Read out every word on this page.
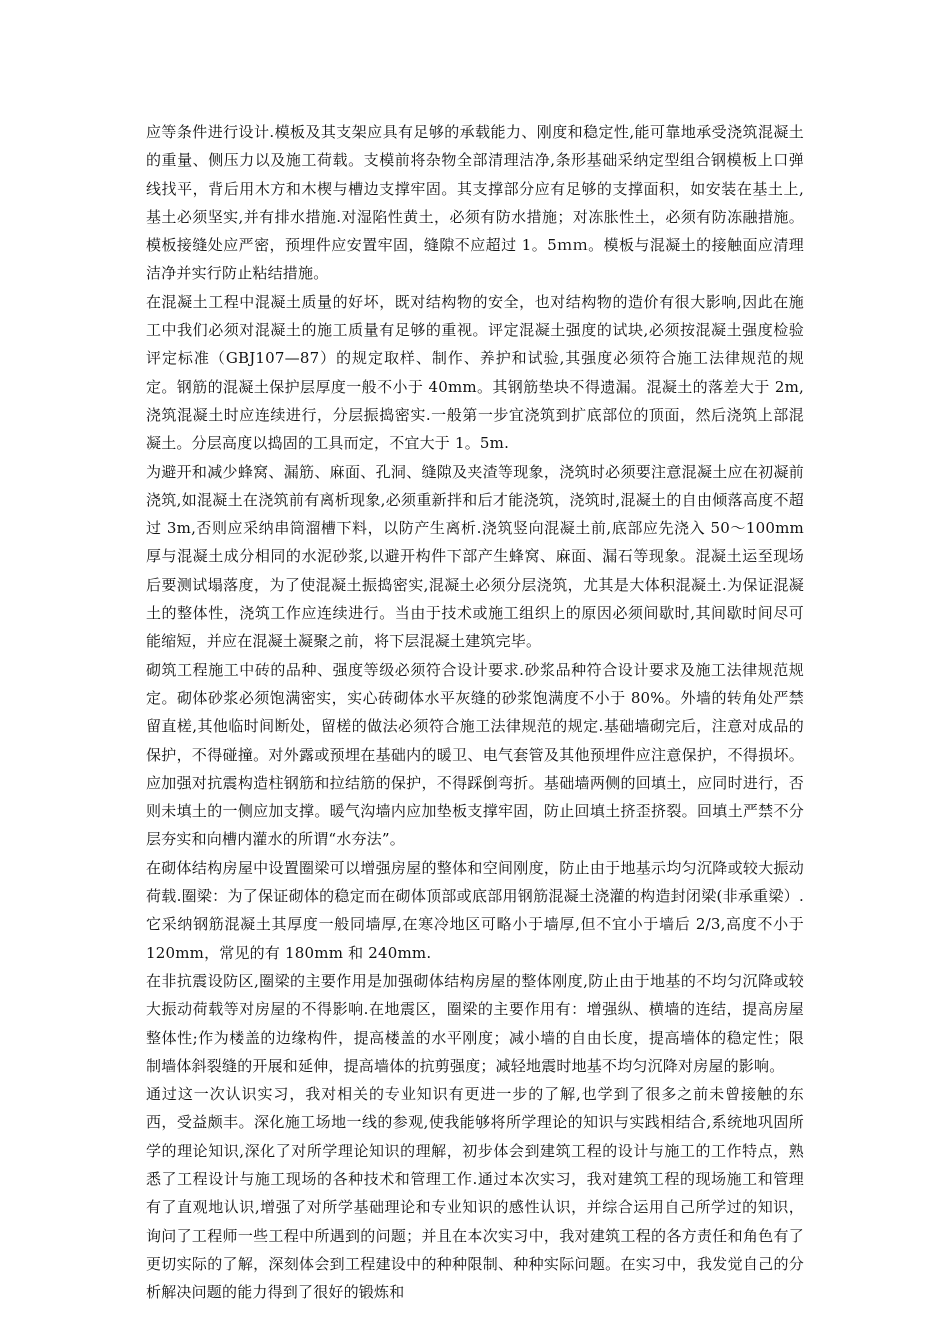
应等条件进行设计.模板及其支架应具有足够的承载能力、刚度和稳定性,能可靠地承受浇筑混凝土的重量、侧压力以及施工荷载。支模前将杂物全部清理洁净,条形基础采纳定型组合钢模板上口弹线找平，背后用木方和木楔与槽边支撑牢固。其支撑部分应有足够的支撑面积，如安装在基土上,基土必须坚实,并有排水措施.对湿陷性黄土，必须有防水措施；对冻胀性土，必须有防冻融措施。模板接缝处应严密，预埋件应安置牢固，缝隙不应超过 1。5ｍｍ。模板与混凝土的接触面应清理洁净并实行防止粘结措施。

在混凝土工程中混凝土质量的好坏，既对结构物的安全，也对结构物的造价有很大影响,因此在施工中我们必须对混凝土的施工质量有足够的重视。评定混凝土强度的试块,必须按混凝土强度检验评定标准（GBJ107—87）的规定取样、制作、养护和试验,其强度必须符合施工法律规范的规定。钢筋的混凝土保护层厚度一般不小于 40mm。其钢筋垫块不得遗漏。混凝土的落差大于 2m,浇筑混凝土时应连续进行，分层振捣密实.一般第一步宜浇筑到扩底部位的顶面，然后浇筑上部混凝土。分层高度以捣固的工具而定，不宜大于 1。5m.

为避开和减少蜂窝、漏筋、麻面、孔洞、缝隙及夹渣等现象，浇筑时必须要注意混凝土应在初凝前浇筑,如混凝土在浇筑前有离析现象,必须重新拌和后才能浇筑，浇筑时,混凝土的自由倾落高度不超过 3m,否则应采纳串筒溜槽下料，以防产生离析.浇筑竖向混凝土前,底部应先浇入 50～100mm 厚与混凝土成分相同的水泥砂浆,以避开构件下部产生蜂窝、麻面、漏石等现象。混凝土运至现场后要测试塌落度，为了使混凝土振捣密实,混凝土必须分层浇筑，尤其是大体积混凝土.为保证混凝土的整体性，浇筑工作应连续进行。当由于技术或施工组织上的原因必须间歇时,其间歇时间尽可能缩短，并应在混凝土凝聚之前，将下层混凝土建筑完毕。

砌筑工程施工中砖的品种、强度等级必须符合设计要求.砂浆品种符合设计要求及施工法律规范规定。砌体砂浆必须饱满密实，实心砖砌体水平灰缝的砂浆饱满度不小于 80%。外墙的转角处严禁留直槎,其他临时间断处，留槎的做法必须符合施工法律规范的规定.基础墙砌完后，注意对成品的保护，不得碰撞。对外露或预埋在基础内的暖卫、电气套管及其他预埋件应注意保护，不得损坏。应加强对抗震构造柱钢筋和拉结筋的保护，不得踩倒弯折。基础墙两侧的回填土，应同时进行，否则未填土的一侧应加支撑。暖气沟墙内应加垫板支撑牢固，防止回填土挤歪挤裂。回填土严禁不分层夯实和向槽内灌水的所谓“水夯法”。

在砌体结构房屋中设置圈梁可以增强房屋的整体和空间刚度，防止由于地基示均匀沉降或较大振动荷载.圈梁：为了保证砌体的稳定而在砌体顶部或底部用钢筋混凝土浇灌的构造封闭梁(非承重梁）.它采纳钢筋混凝土其厚度一般同墙厚,在寒冷地区可略小于墙厚,但不宜小于墙后 2/3,高度不小于 120mm，常见的有 180mm 和 240mm.

在非抗震设防区,圈梁的主要作用是加强砌体结构房屋的整体刚度,防止由于地基的不均匀沉降或较大振动荷载等对房屋的不得影响.在地震区，圈梁的主要作用有：增强纵、横墙的连结，提高房屋整体性;作为楼盖的边缘构件，提高楼盖的水平刚度；减小墙的自由长度，提高墙体的稳定性；限制墙体斜裂缝的开展和延伸，提高墙体的抗剪强度；减轻地震时地基不均匀沉降对房屋的影响。

通过这一次认识实习，我对相关的专业知识有更进一步的了解,也学到了很多之前未曾接触的东西，受益颇丰。深化施工场地一线的参观,使我能够将所学理论的知识与实践相结合,系统地巩固所学的理论知识,深化了对所学理论知识的理解，初步体会到建筑工程的设计与施工的工作特点，熟悉了工程设计与施工现场的各种技术和管理工作.通过本次实习，我对建筑工程的现场施工和管理有了直观地认识,增强了对所学基础理论和专业知识的感性认识，并综合运用自己所学过的知识，询问了工程师一些工程中所遇到的问题；并且在本次实习中，我对建筑工程的各方责任和角色有了更切实际的了解，深刻体会到工程建设中的种种限制、种种实际问题。在实习中，我发觉自己的分析解决问题的能力得到了很好的锻炼和
